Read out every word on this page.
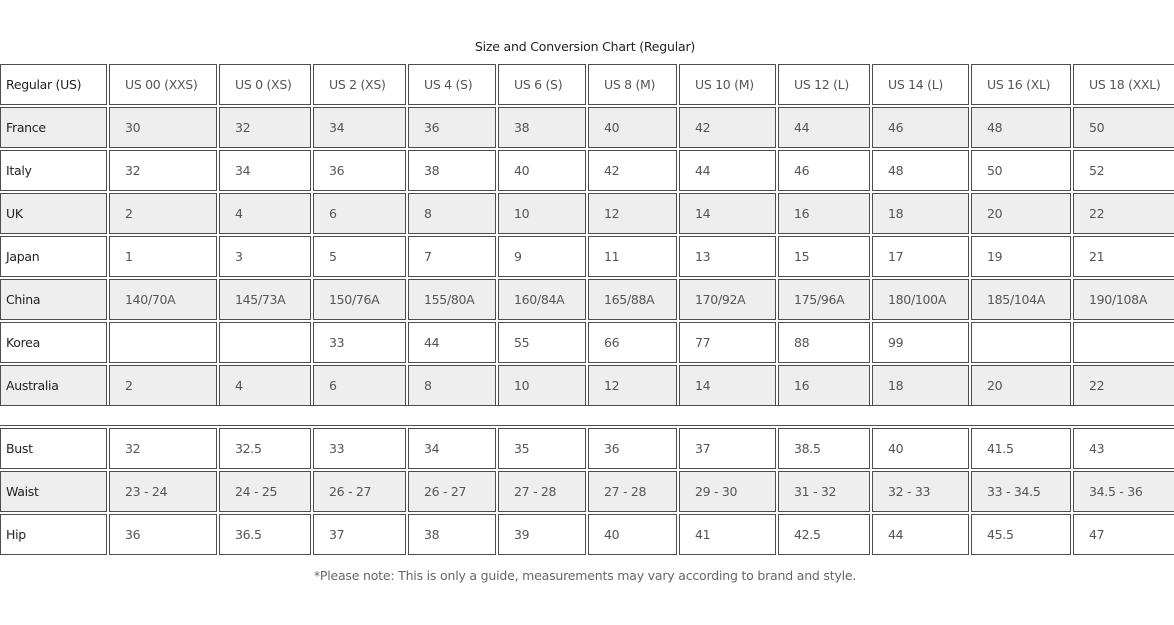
Size and Conversion Chart (Regular)
Regular (US)	US 00 (XXS)	US 0 (XS)	US 2 (XS)	US 4 (S)	US 6 (S)	US 8 (M)	US 10 (M)	US 12 (L)	US 14 (L)	US 16 (XL)	US 18 (XXL)
France	30	32	34	36	38	40	42	44	46	48	50
Italy	32	34	36	38	40	42	44	46	48	50	52
UK	2	4	6	8	10	12	14	16	18	20	22
Japan	1	3	5	7	9	11	13	15	17	19	21
China	140/70A	145/73A	150/76A	155/80A	160/84A	165/88A	170/92A	175/96A	180/100A	185/104A	190/108A
Korea			33	44	55	66	77	88	99		
Australia	2	4	6	8	10	12	14	16	18	20	22
Bust	32	32.5	33	34	35	36	37	38.5	40	41.5	43
Waist	23 - 24	24 - 25	26 - 27	26 - 27	27 - 28	27 - 28	29 - 30	31 - 32	32 - 33	33 - 34.5	34.5 - 36
Hip	36	36.5	37	38	39	40	41	42.5	44	45.5	47
*Please note: This is only a guide, measurements may vary according to brand and style.
